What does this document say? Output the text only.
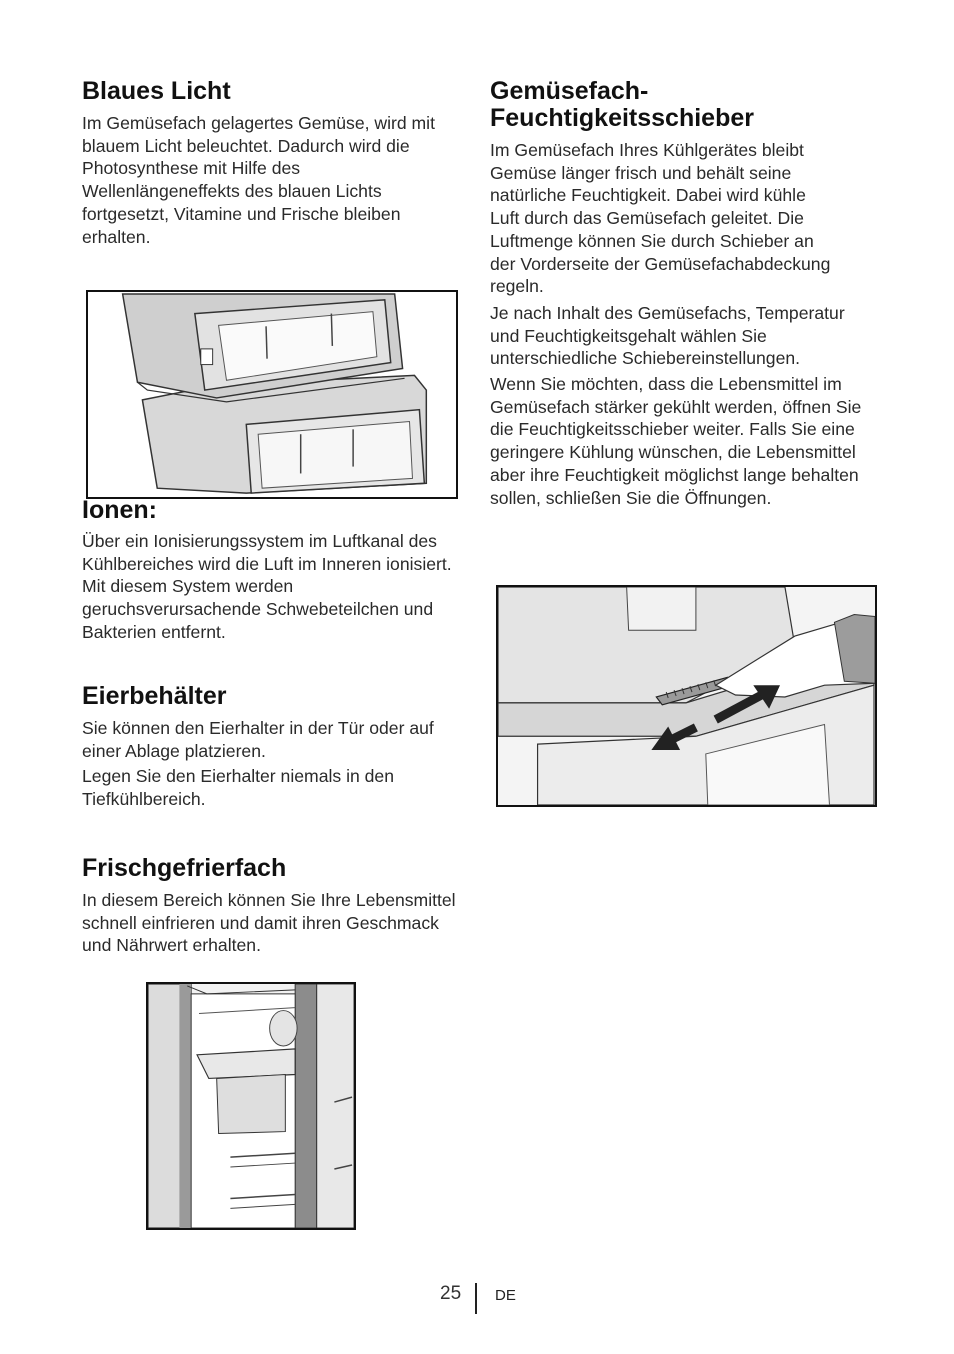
Blaues Licht

Im Gemüsefach gelagertes Gemüse, wird mit blauem Licht beleuchtet. Dadurch wird die Photosynthese mit Hilfe des Wellenlängeneffekts des blauen Lichts fortgesetzt, Vitamine und Frische bleiben erhalten.

Ionen:

Über ein Ionisierungssystem im Luftkanal des Kühlbereiches wird die Luft im Inneren ionisiert. Mit diesem System werden geruchsverursachende Schwebeteilchen und Bakterien entfernt.

Eierbehälter

Sie können den Eierhalter in der Tür oder auf einer Ablage platzieren.

Legen Sie den Eierhalter niemals in den Tiefkühlbereich.

Frischgefrierfach

In diesem Bereich können Sie Ihre Lebensmittel schnell einfrieren und damit ihren Geschmack und Nährwert erhalten.

Gemüsefach-
Feuchtigkeitsschieber

Im Gemüsefach Ihres Kühlgerätes bleibt Gemüse länger frisch und behält seine natürliche Feuchtigkeit. Dabei wird kühle Luft durch das Gemüsefach geleitet. Die Luftmenge können Sie durch Schieber an der Vorderseite der Gemüsefachabdeckung regeln.

Je nach Inhalt des Gemüsefachs, Temperatur und Feuchtigkeitsgehalt wählen Sie unterschiedliche Schiebereinstellungen.

Wenn Sie möchten, dass die Lebensmittel im Gemüsefach stärker gekühlt werden, öffnen Sie die Feuchtigkeitsschieber weiter. Falls Sie eine geringere Kühlung wünschen, die Lebensmittel aber ihre Feuchtigkeit möglichst lange behalten sollen, schließen Sie die Öffnungen.

25 DE
